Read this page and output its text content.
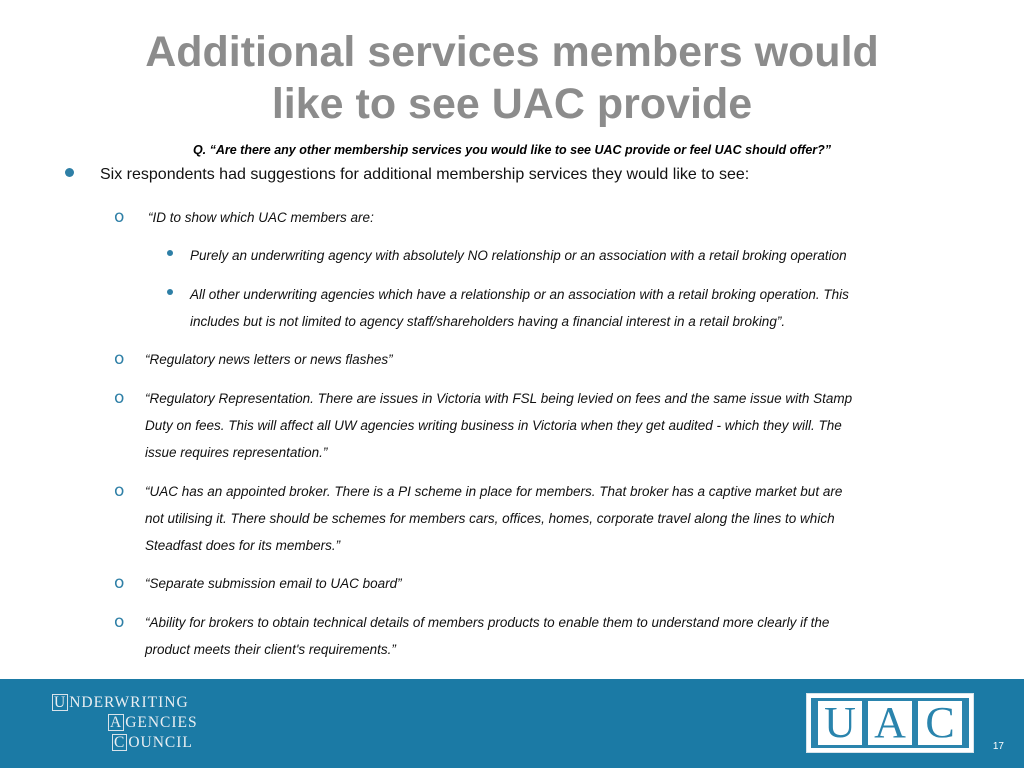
Additional services members would
like to see UAC provide
Q. “Are there any other membership services you would like to see UAC provide or feel UAC should offer?”
Six respondents had suggestions for additional membership services they would like to see:
o “ID to show which UAC members are:
Purely an underwriting agency with absolutely NO relationship or an association with a retail broking operation
All other underwriting agencies which have a relationship or an association with a retail broking operation. This
includes but is not limited to agency staff/shareholders having a financial interest in a retail broking”.
o “Regulatory news letters or news flashes”
o “Regulatory Representation. There are issues in Victoria with FSL being levied on fees and the same issue with Stamp
Duty on fees. This will affect all UW agencies writing business in Victoria when they get audited - which they will. The
issue requires representation.”
o “UAC has an appointed broker. There is a PI scheme in place for members. That broker has a captive market but are
not utilising it. There should be schemes for members cars, offices, homes, corporate travel along the lines to which
Steadfast does for its members.”
o “Separate submission email to UAC board”
o “Ability for brokers to obtain technical details of members products to enable them to understand more clearly if the
product meets their client's requirements.”
U NDERWRITING
A GENCIES
C OUNCIL	U A C	17
